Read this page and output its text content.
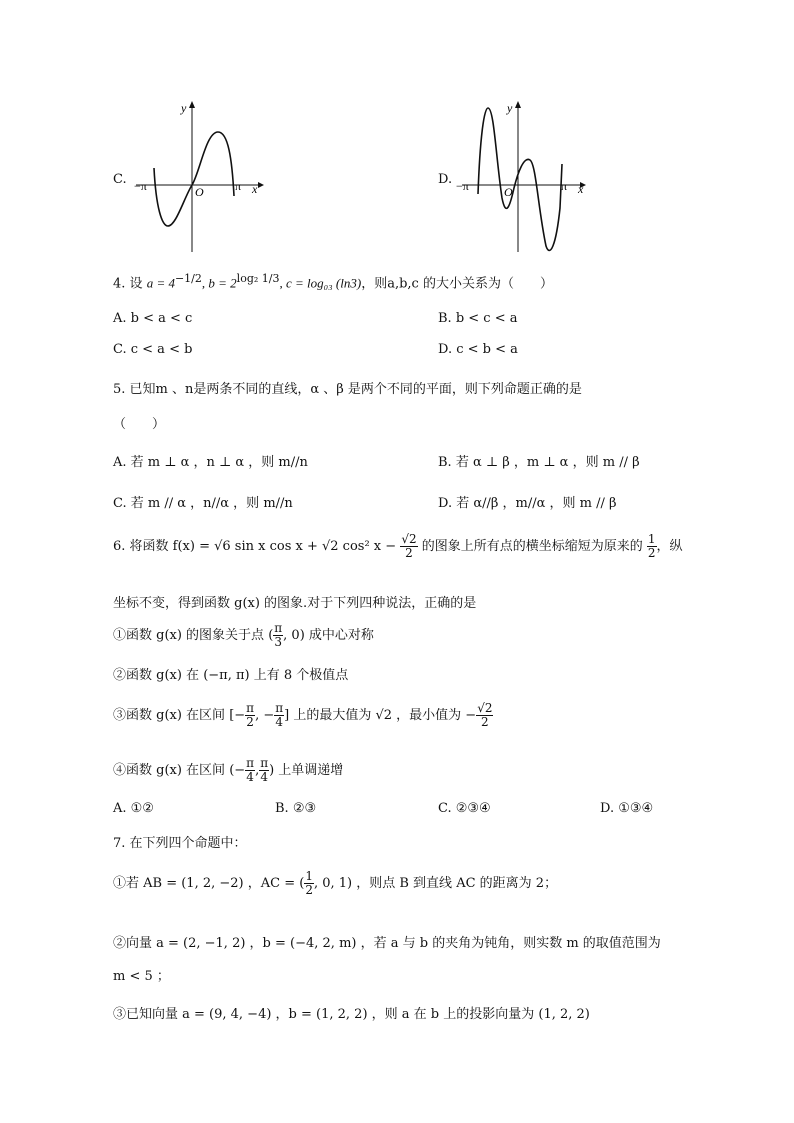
C.
y
x
O
−π	π	D.
y
x
O
−π	π
4. 设 $a = 4^{-1/2}$, $b = 2^{log_2 1/3}$, c = log₀₃ (ln3)，则a,b,c 的大小关系为（　　）
A. b < a < c	B. b < c < a
C. c < a < b	D. c < b < a
5. 已知m 、n是两条不同的直线，α 、β 是两个不同的平面，则下列命题正确的是
（　　）
A. 若 m ⊥ α ，n ⊥ α ，则 m//n	B. 若 α ⊥ β ，m ⊥ α ，则 m // β
C. 若 m // α ，n//α ，则 m//n	D. 若 α//β ，m//α ，则 m // β
6. 将函数 f(x) = √6 sin x cos x + √2 cos² $x - \frac{√2}{2}$ 的图象上所有点的横坐标缩短为原来的 $\frac{1}{2}$ ，纵
坐标不变，得到函数 g(x) 的图象.对于下列四种说法，正确的是
①函数 g(x) 的图象关于点 ( $\frac{\pi}{3}$ , 0) 成中心对称
②函数 g(x) 在 (−π, π) 上有 8 个极值点
③函数 g(x) 在区间 [− $\frac{\pi}{2}$ , − $\frac{\pi}{4}$ ] 上的最大值为 √2 ，最小值为 − $\frac{√2}{2}$
④函数 g(x) 在区间 (− $\frac{\pi}{4}$ , $\frac{\pi}{4}$ ) 上单调递增
A. ①②	B. ②③	C. ②③④	D. ①③④
7. 在下列四个命题中：
①若 AB = (1, 2, −2) ，AC = ( $\frac{1}{2}$ , 0, 1) ，则点 B 到直线 AC 的距离为 2；
②向量 a = (2, −1, 2) ，b = (−4, 2, m) ，若 a 与 b 的夹角为钝角，则实数 m 的取值范围为
m < 5 ；
③已知向量 a = (9, 4, −4) ，b = (1, 2, 2) ，则 a 在 b 上的投影向量为 (1, 2, 2)
